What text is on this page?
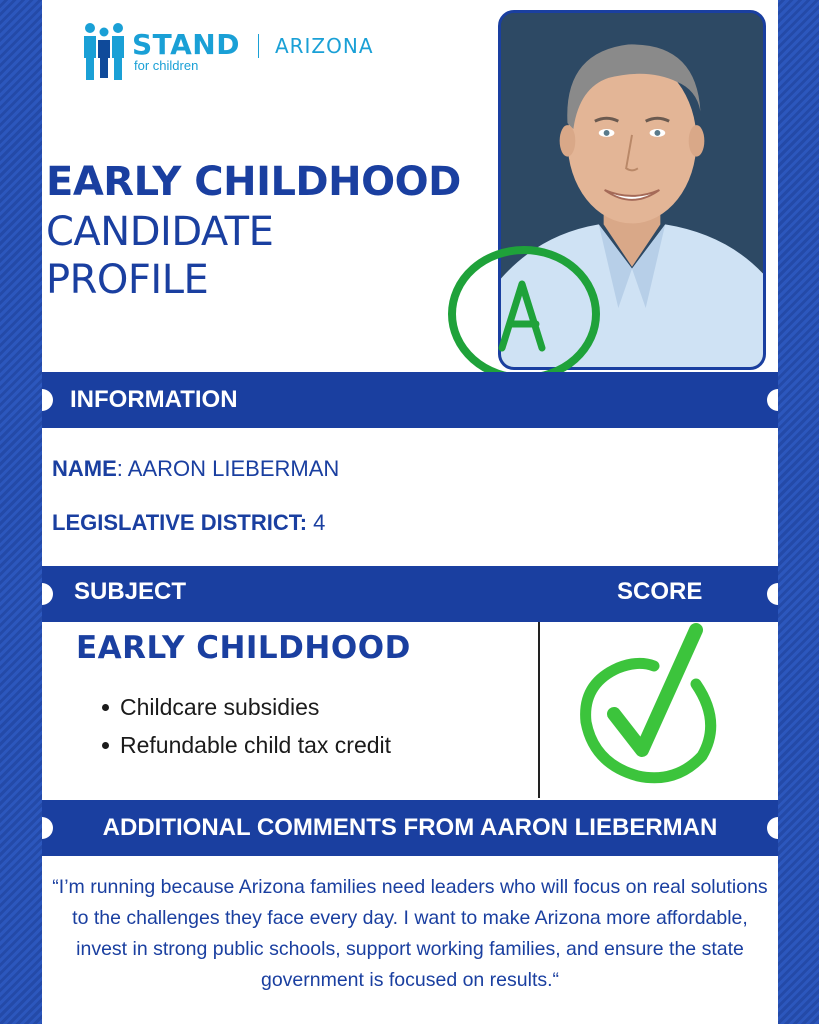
STAND
for children
ARIZONA
EARLY CHILDHOOD
CANDIDATE
PROFILE
INFORMATION
NAME: AARON LIEBERMAN
LEGISLATIVE DISTRICT: 4
SUBJECT	SCORE
EARLY CHILDHOOD
Childcare subsidies
Refundable child tax credit
ADDITIONAL COMMENTS FROM AARON LIEBERMAN
“I’m running because Arizona families need leaders who will focus on real solutions to the challenges they face every day. I want to make Arizona more affordable, invest in strong public schools, support working families, and ensure the state government is focused on results.“
